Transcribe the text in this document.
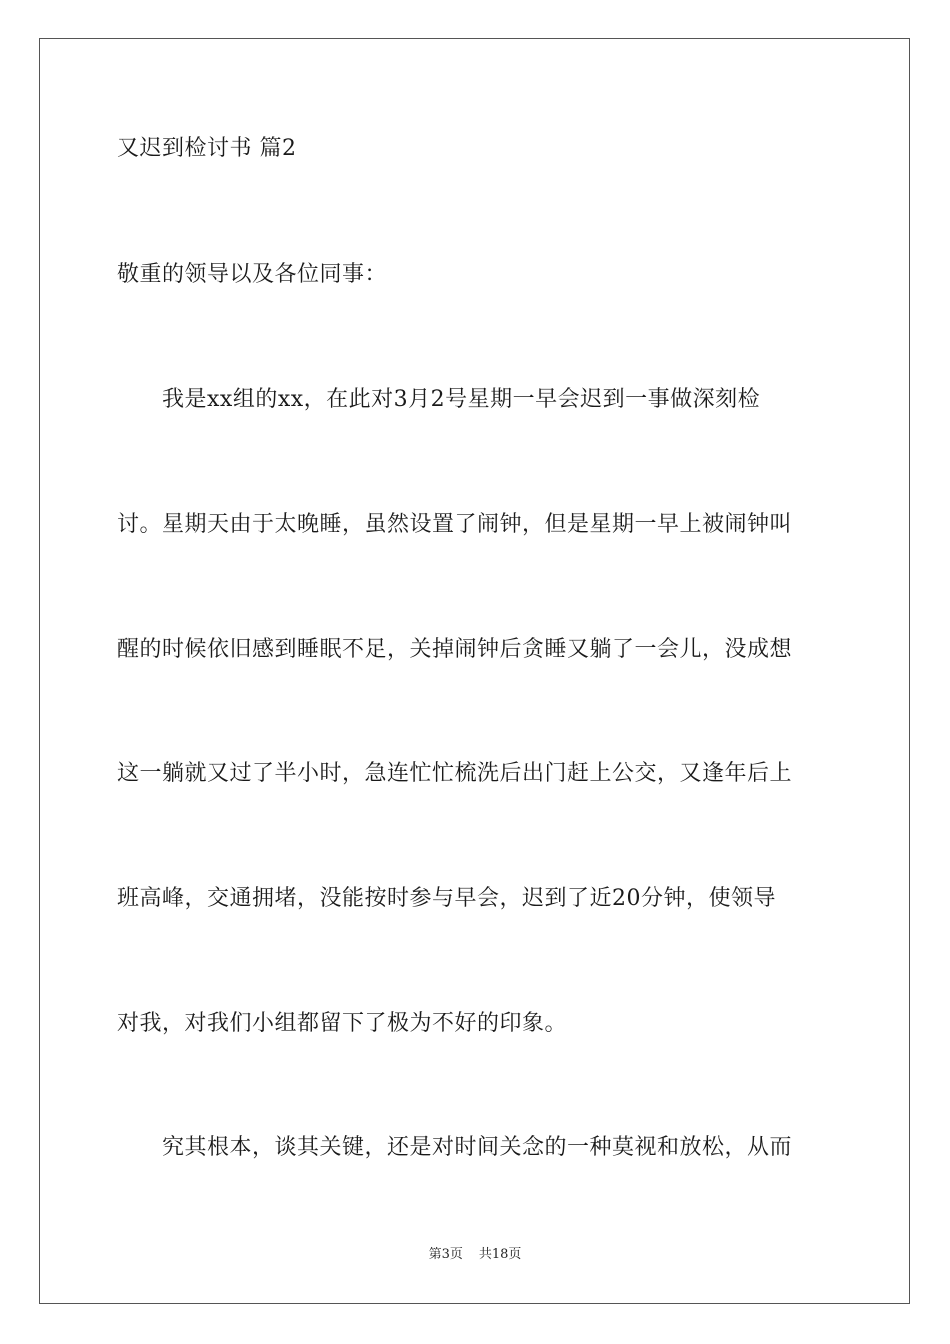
又迟到检讨书 篇2
敬重的领导以及各位同事：
我是xx组的xx，在此对3月2号星期一早会迟到一事做深刻检
讨。星期天由于太晚睡，虽然设置了闹钟，但是星期一早上被闹钟叫
醒的时候依旧感到睡眠不足，关掉闹钟后贪睡又躺了一会儿，没成想
这一躺就又过了半小时，急连忙忙梳洗后出门赶上公交，又逢年后上
班高峰，交通拥堵，没能按时参与早会，迟到了近20分钟，使领导
对我，对我们小组都留下了极为不好的印象。
究其根本，谈其关键，还是对时间关念的一种莫视和放松，从而
第3页 共18页
